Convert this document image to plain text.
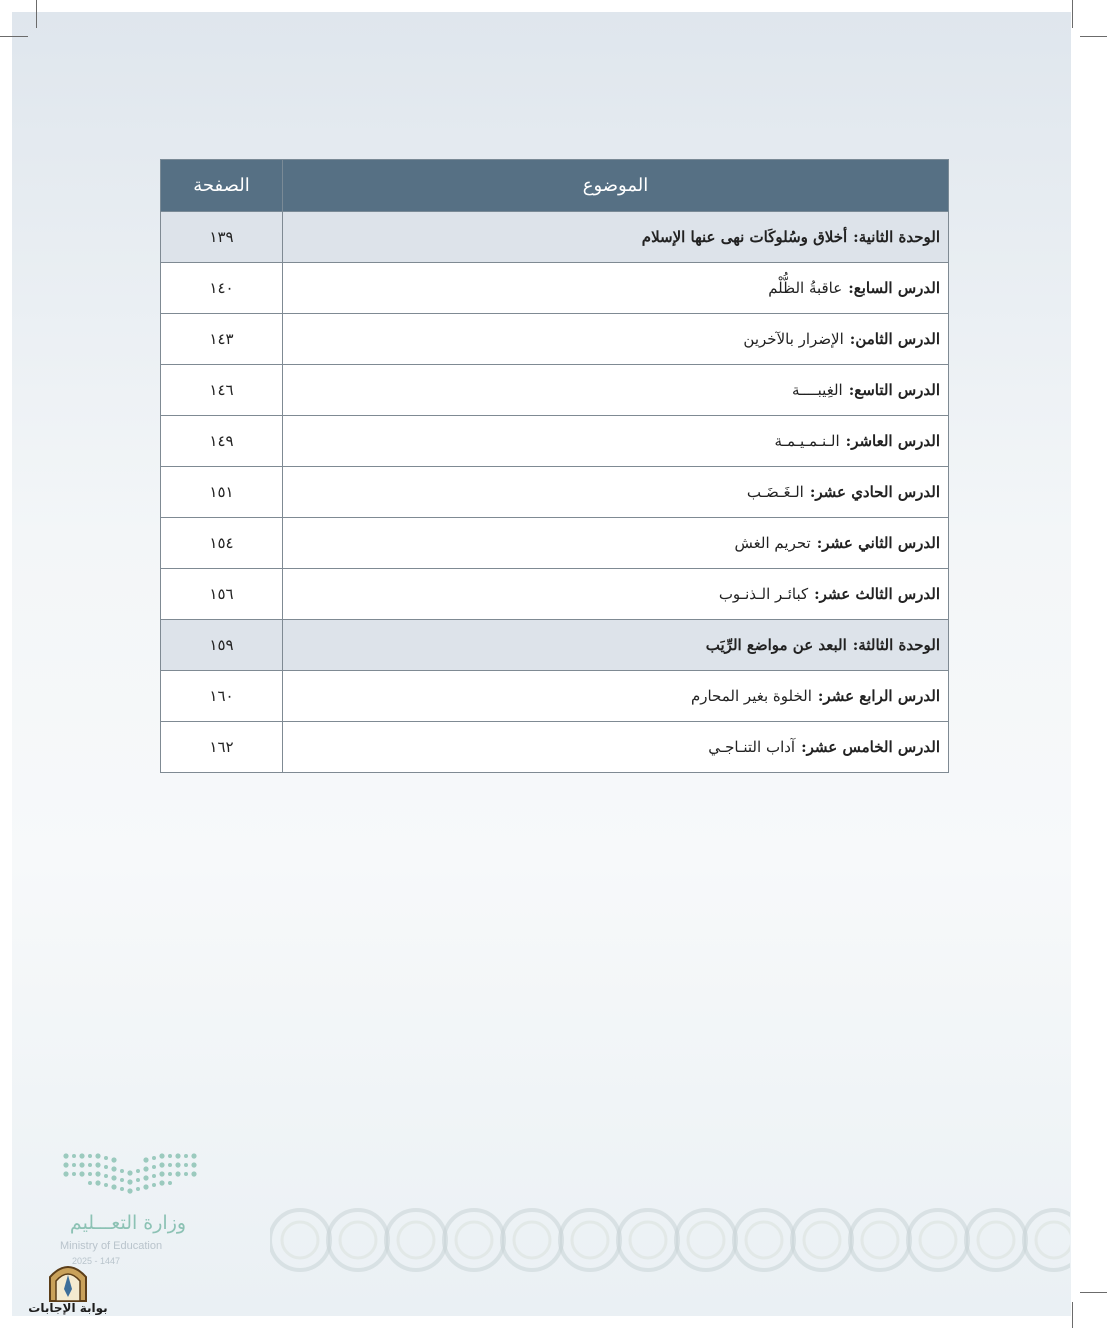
الموضوع	الصفحة
الوحدة الثانية:أخلاق وسُلوكَات نهى عنها الإسلام	١٣٩
الدرس السابع:عاقبةُ الظُّلْم	١٤٠
الدرس الثامن:الإضرار بالآخرين	١٤٣
الدرس التاسع:الغِيبــــة	١٤٦
الدرس العاشر:الـنـمـيـمـة	١٤٩
الدرس الحادي عشر:الـغَـضَـب	١٥١
الدرس الثاني عشر:تحريم الغش	١٥٤
الدرس الثالث عشر:كبائـر الـذنـوب	١٥٦
الوحدة الثالثة:البعد عن مواضع الرِّيَب	١٥٩
الدرس الرابع عشر:الخلوة بغير المحارم	١٦٠
الدرس الخامس عشر:آداب التنـاجـي	١٦٢
وزارة التعـــليم
Ministry of Education
2025 - 1447
بوابة الإجابات
